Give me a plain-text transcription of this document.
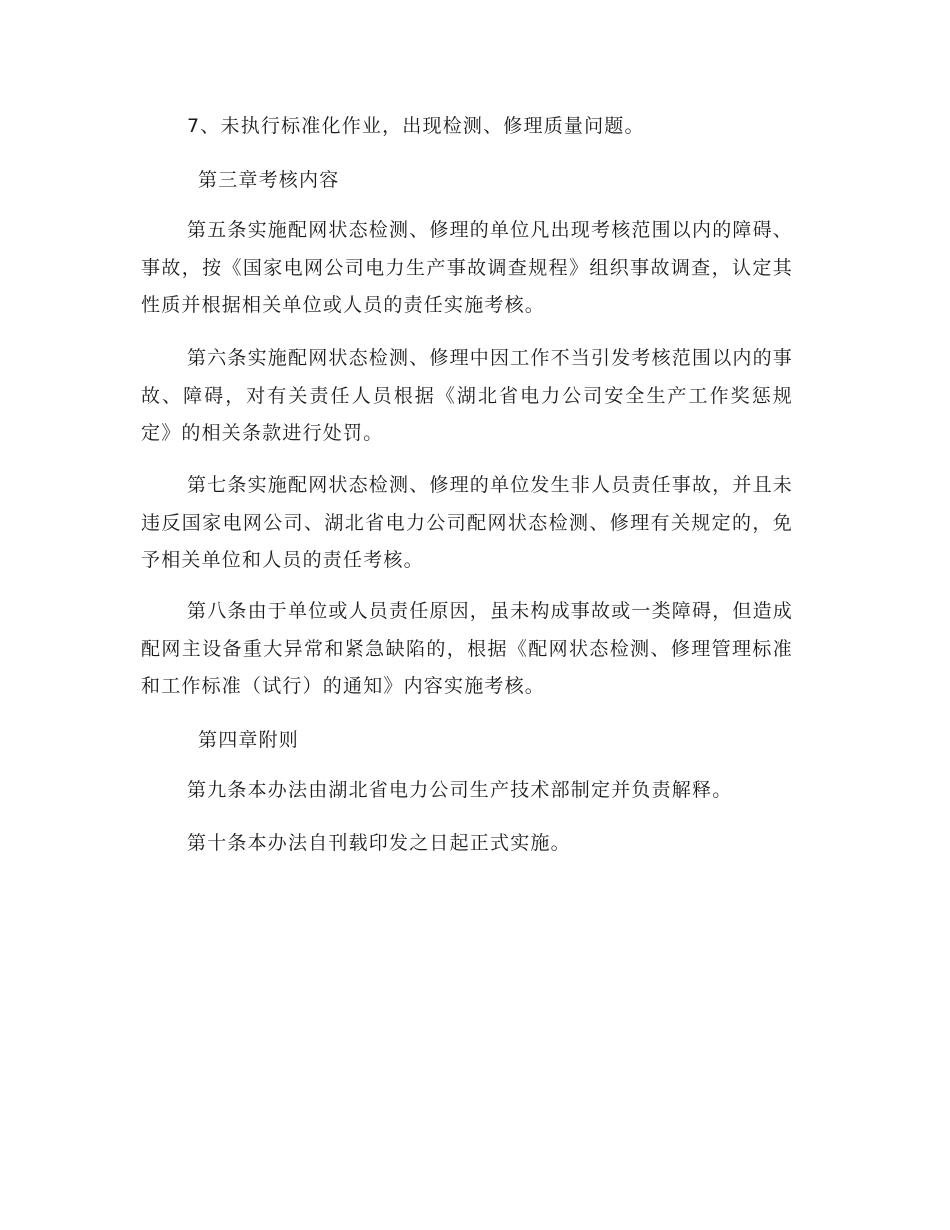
7、未执行标准化作业，出现检测、修理质量问题。

第三章考核内容

第五条实施配网状态检测、修理的单位凡出现考核范围以内的障碍、事故，按《国家电网公司电力生产事故调查规程》组织事故调查，认定其性质并根据相关单位或人员的责任实施考核。

第六条实施配网状态检测、修理中因工作不当引发考核范围以内的事故、障碍，对有关责任人员根据《湖北省电力公司安全生产工作奖惩规定》的相关条款进行处罚。

第七条实施配网状态检测、修理的单位发生非人员责任事故，并且未违反国家电网公司、湖北省电力公司配网状态检测、修理有关规定的，免予相关单位和人员的责任考核。

第八条由于单位或人员责任原因，虽未构成事故或一类障碍，但造成配网主设备重大异常和紧急缺陷的，根据《配网状态检测、修理管理标准和工作标准（试行）的通知》内容实施考核。

第四章附则

第九条本办法由湖北省电力公司生产技术部制定并负责解释。

第十条本办法自刊载印发之日起正式实施。
